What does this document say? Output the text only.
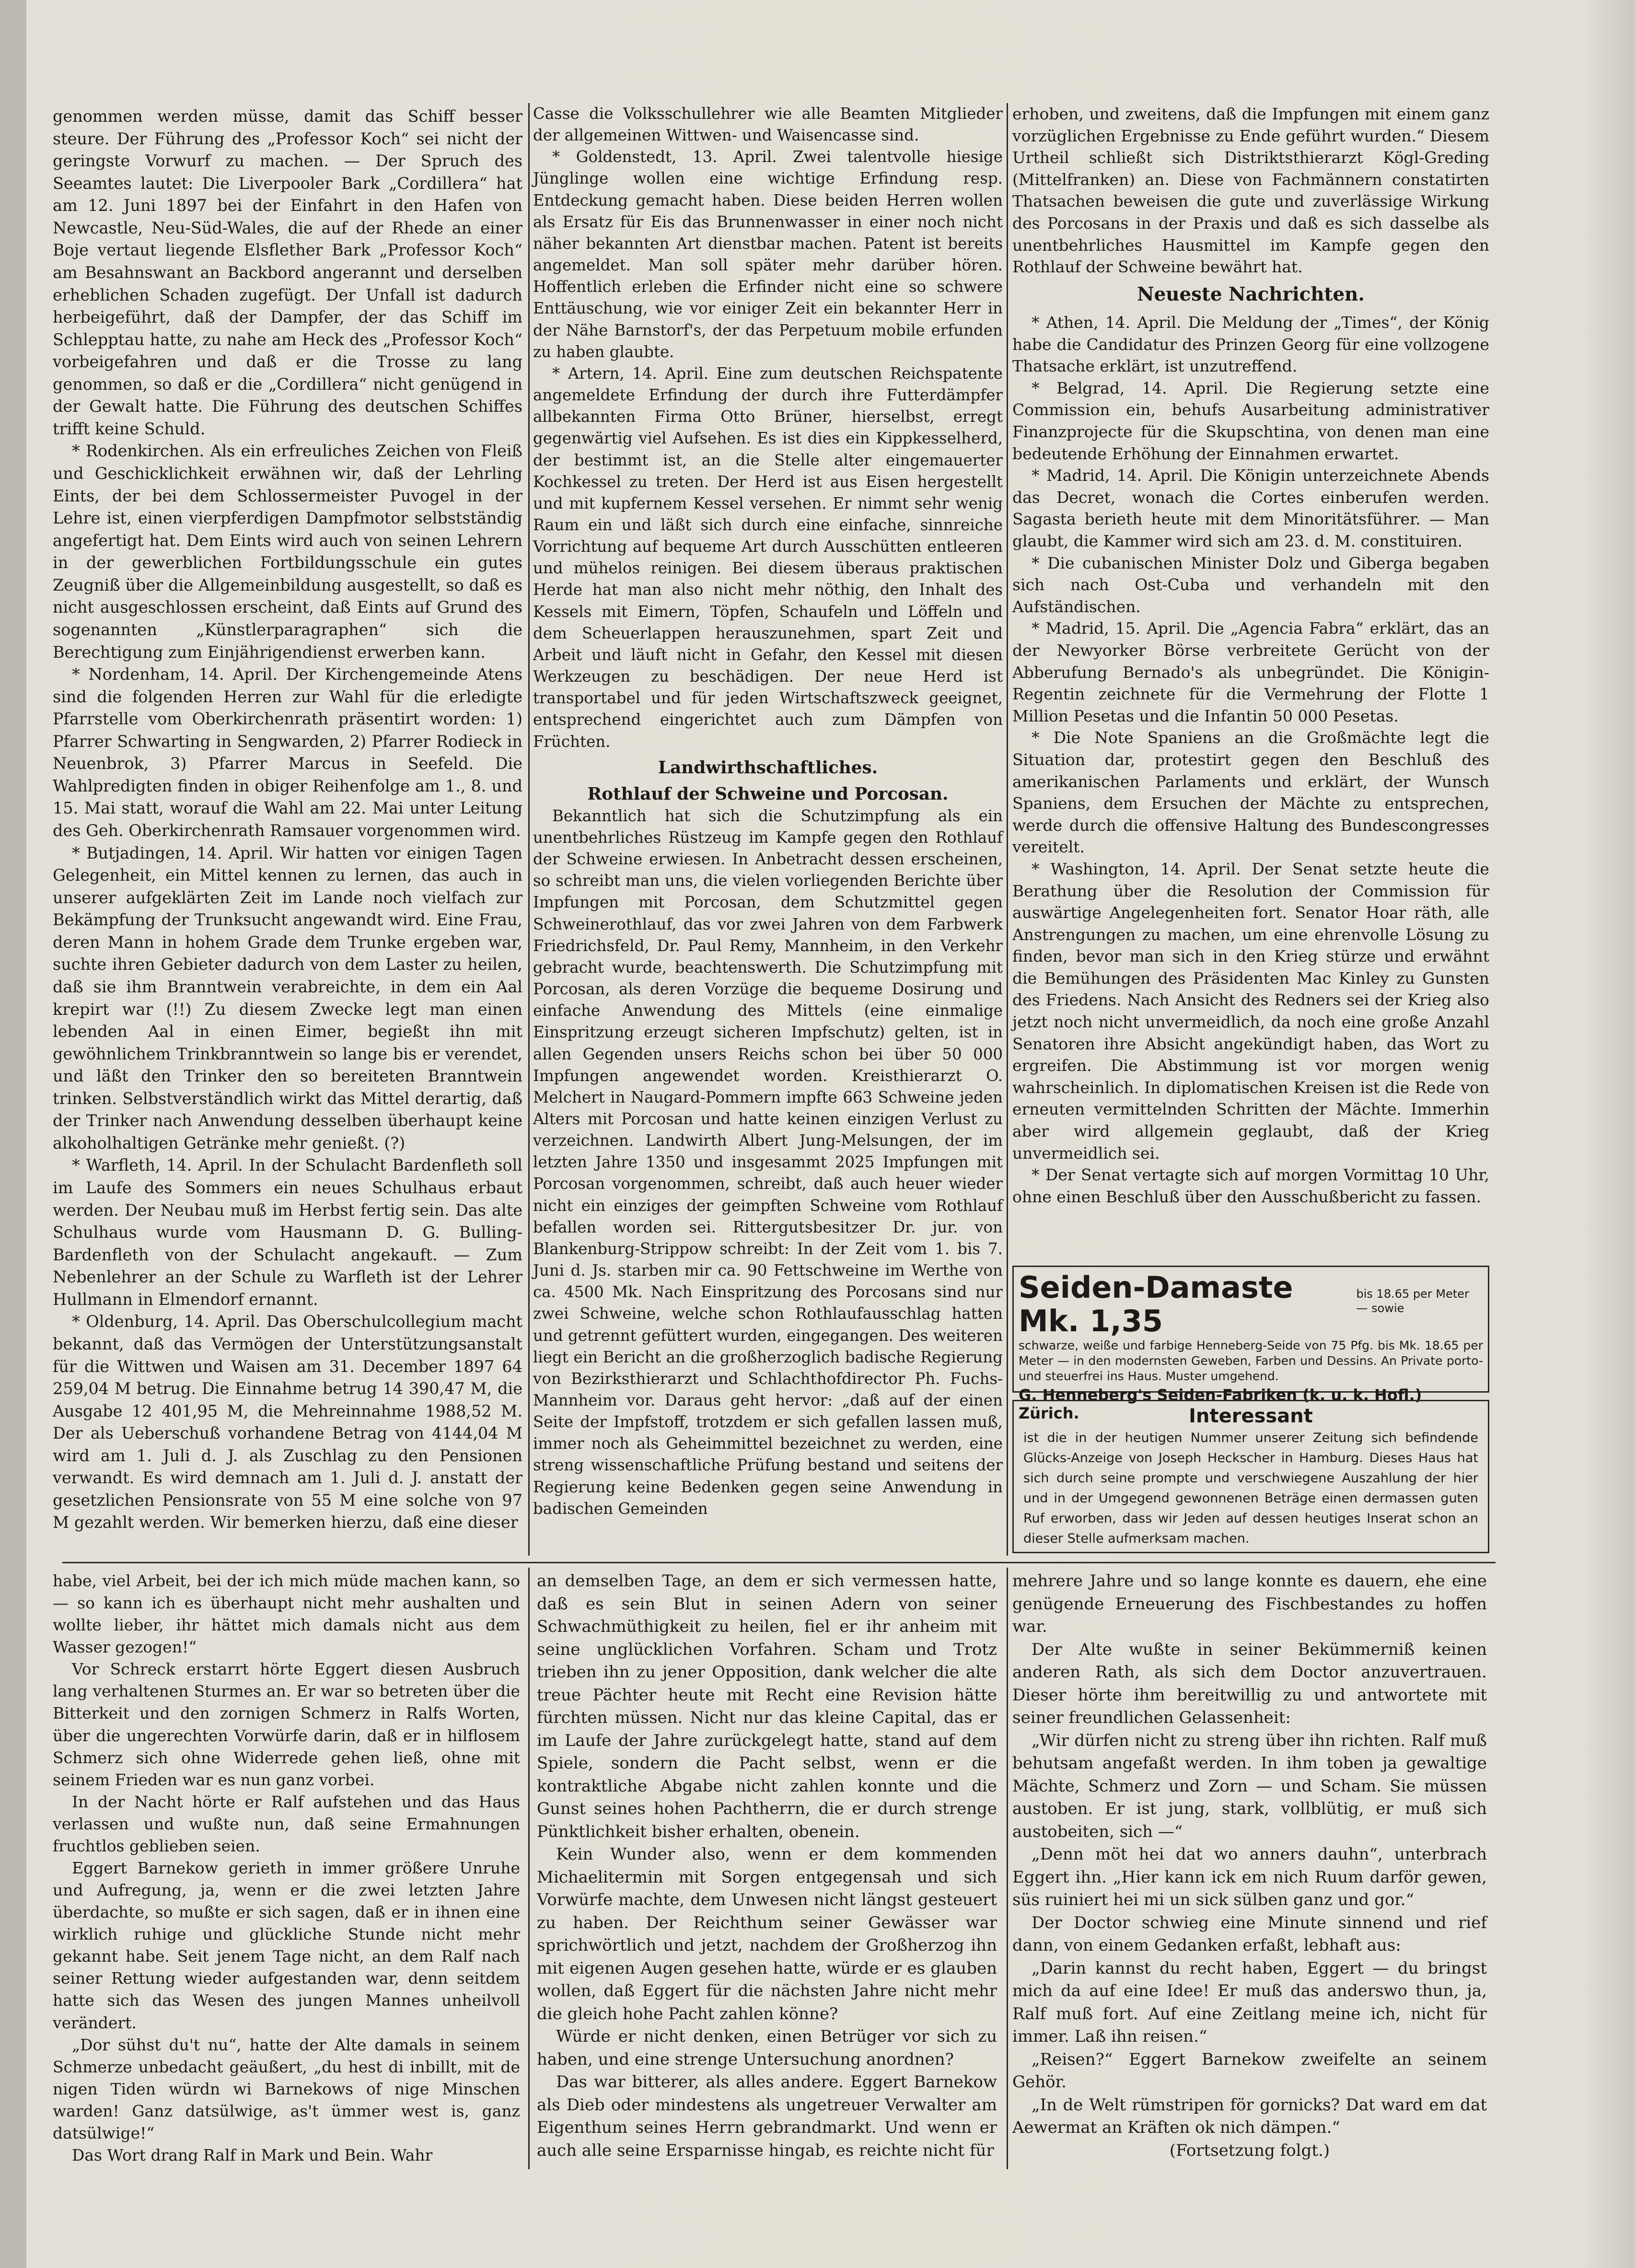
genommen werden müsse, damit das Schiff besser steure. Der Führung des „Professor Koch“ sei nicht der geringste Vorwurf zu machen. — Der Spruch des Seeamtes lautet: Die Liverpooler Bark „Cordillera“ hat am 12. Juni 1897 bei der Einfahrt in den Hafen von Newcastle, Neu-Süd-Wales, die auf der Rhede an einer Boje vertaut liegende Elsflether Bark „Professor Koch“ am Besahnswant an Backbord angerannt und derselben erheblichen Schaden zugefügt. Der Unfall ist dadurch herbeigeführt, daß der Dampfer, der das Schiff im Schlepptau hatte, zu nahe am Heck des „Professor Koch“ vorbeigefahren und daß er die Trosse zu lang genommen, so daß er die „Cordillera“ nicht genügend in der Gewalt hatte. Die Führung des deutschen Schiffes trifft keine Schuld.

* Rodenkirchen. Als ein erfreuliches Zeichen von Fleiß und Geschicklichkeit erwähnen wir, daß der Lehrling Eints, der bei dem Schlossermeister Puvogel in der Lehre ist, einen vierpferdigen Dampfmotor selbstständig angefertigt hat. Dem Eints wird auch von seinen Lehrern in der gewerblichen Fortbildungsschule ein gutes Zeugniß über die Allgemeinbildung ausgestellt, so daß es nicht ausgeschlossen erscheint, daß Eints auf Grund des sogenannten „Künstlerparagraphen“ sich die Berechtigung zum Einjährigendienst erwerben kann.

* Nordenham, 14. April. Der Kirchengemeinde Atens sind die folgenden Herren zur Wahl für die erledigte Pfarrstelle vom Oberkirchenrath präsentirt worden: 1) Pfarrer Schwarting in Sengwarden, 2) Pfarrer Rodieck in Neuenbrok, 3) Pfarrer Marcus in Seefeld. Die Wahlpredigten finden in obiger Reihenfolge am 1., 8. und 15. Mai statt, worauf die Wahl am 22. Mai unter Leitung des Geh. Oberkirchenrath Ramsauer vorgenommen wird.

* Butjadingen, 14. April. Wir hatten vor einigen Tagen Gelegenheit, ein Mittel kennen zu lernen, das auch in unserer aufgeklärten Zeit im Lande noch vielfach zur Bekämpfung der Trunksucht angewandt wird. Eine Frau, deren Mann in hohem Grade dem Trunke ergeben war, suchte ihren Gebieter dadurch von dem Laster zu heilen, daß sie ihm Branntwein verabreichte, in dem ein Aal krepirt war (!!) Zu diesem Zwecke legt man einen lebenden Aal in einen Eimer, begießt ihn mit gewöhnlichem Trinkbranntwein so lange bis er verendet, und läßt den Trinker den so bereiteten Branntwein trinken. Selbstverständlich wirkt das Mittel derartig, daß der Trinker nach Anwendung desselben überhaupt keine alkoholhaltigen Getränke mehr genießt. (?)

* Warfleth, 14. April. In der Schulacht Bardenfleth soll im Laufe des Sommers ein neues Schulhaus erbaut werden. Der Neubau muß im Herbst fertig sein. Das alte Schulhaus wurde vom Hausmann D. G. Bulling-Bardenfleth von der Schulacht angekauft. — Zum Nebenlehrer an der Schule zu Warfleth ist der Lehrer Hullmann in Elmendorf ernannt.

* Oldenburg, 14. April. Das Oberschulcollegium macht bekannt, daß das Vermögen der Unterstützungsanstalt für die Wittwen und Waisen am 31. December 1897 64 259,04 M betrug. Die Einnahme betrug 14 390,47 M, die Ausgabe 12 401,95 M, die Mehreinnahme 1988,52 M. Der als Ueberschuß vorhandene Betrag von 4144,04 M wird am 1. Juli d. J. als Zuschlag zu den Pensionen verwandt. Es wird demnach am 1. Juli d. J. anstatt der gesetzlichen Pensionsrate von 55 M eine solche von 97 M gezahlt werden. Wir bemerken hierzu, daß eine dieser

Casse die Volksschullehrer wie alle Beamten Mitglieder der allgemeinen Wittwen- und Waisencasse sind.

* Goldenstedt, 13. April. Zwei talentvolle hiesige Jünglinge wollen eine wichtige Erfindung resp. Entdeckung gemacht haben. Diese beiden Herren wollen als Ersatz für Eis das Brunnenwasser in einer noch nicht näher bekannten Art dienstbar machen. Patent ist bereits angemeldet. Man soll später mehr darüber hören. Hoffentlich erleben die Erfinder nicht eine so schwere Enttäuschung, wie vor einiger Zeit ein bekannter Herr in der Nähe Barnstorf's, der das Perpetuum mobile erfunden zu haben glaubte.

* Artern, 14. April. Eine zum deutschen Reichspatente angemeldete Erfindung der durch ihre Futterdämpfer allbekannten Firma Otto Brüner, hierselbst, erregt gegenwärtig viel Aufsehen. Es ist dies ein Kippkesselherd, der bestimmt ist, an die Stelle alter eingemauerter Kochkessel zu treten. Der Herd ist aus Eisen hergestellt und mit kupfernem Kessel versehen. Er nimmt sehr wenig Raum ein und läßt sich durch eine einfache, sinnreiche Vorrichtung auf bequeme Art durch Ausschütten entleeren und mühelos reinigen. Bei diesem überaus praktischen Herde hat man also nicht mehr nöthig, den Inhalt des Kessels mit Eimern, Töpfen, Schaufeln und Löffeln und dem Scheuerlappen herauszunehmen, spart Zeit und Arbeit und läuft nicht in Gefahr, den Kessel mit diesen Werkzeugen zu beschädigen. Der neue Herd ist transportabel und für jeden Wirtschaftszweck geeignet, entsprechend eingerichtet auch zum Dämpfen von Früchten.

Landwirthschaftliches.

Rothlauf der Schweine und Porcosan.

Bekanntlich hat sich die Schutzimpfung als ein unentbehrliches Rüstzeug im Kampfe gegen den Rothlauf der Schweine erwiesen. In Anbetracht dessen erscheinen, so schreibt man uns, die vielen vorliegenden Berichte über Impfungen mit Porcosan, dem Schutzmittel gegen Schweinerothlauf, das vor zwei Jahren von dem Farbwerk Friedrichsfeld, Dr. Paul Remy, Mannheim, in den Verkehr gebracht wurde, beachtenswerth. Die Schutzimpfung mit Porcosan, als deren Vorzüge die bequeme Dosirung und einfache Anwendung des Mittels (eine einmalige Einspritzung erzeugt sicheren Impfschutz) gelten, ist in allen Gegenden unsers Reichs schon bei über 50 000 Impfungen angewendet worden. Kreisthierarzt O. Melchert in Naugard-Pommern impfte 663 Schweine jeden Alters mit Porcosan und hatte keinen einzigen Verlust zu verzeichnen. Landwirth Albert Jung-Melsungen, der im letzten Jahre 1350 und insgesammt 2025 Impfungen mit Porcosan vorgenommen, schreibt, daß auch heuer wieder nicht ein einziges der geimpften Schweine vom Rothlauf befallen worden sei. Rittergutsbesitzer Dr. jur. von Blankenburg-Strippow schreibt: In der Zeit vom 1. bis 7. Juni d. Js. starben mir ca. 90 Fettschweine im Werthe von ca. 4500 Mk. Nach Einspritzung des Porcosans sind nur zwei Schweine, welche schon Rothlaufausschlag hatten und getrennt gefüttert wurden, eingegangen. Des weiteren liegt ein Bericht an die großherzoglich badische Regierung von Bezirksthierarzt und Schlachthofdirector Ph. Fuchs-Mannheim vor. Daraus geht hervor: „daß auf der einen Seite der Impfstoff, trotzdem er sich gefallen lassen muß, immer noch als Geheimmittel bezeichnet zu werden, eine streng wissenschaftliche Prüfung bestand und seitens der Regierung keine Bedenken gegen seine Anwendung in badischen Gemeinden

erhoben, und zweitens, daß die Impfungen mit einem ganz vorzüglichen Ergebnisse zu Ende geführt wurden.“ Diesem Urtheil schließt sich Distriktsthierarzt Kögl-Greding (Mittelfranken) an. Diese von Fachmännern constatirten Thatsachen beweisen die gute und zuverlässige Wirkung des Porcosans in der Praxis und daß es sich dasselbe als unentbehrliches Hausmittel im Kampfe gegen den Rothlauf der Schweine bewährt hat.

Neueste Nachrichten.

* Athen, 14. April. Die Meldung der „Times“, der König habe die Candidatur des Prinzen Georg für eine vollzogene Thatsache erklärt, ist unzutreffend.

* Belgrad, 14. April. Die Regierung setzte eine Commission ein, behufs Ausarbeitung administrativer Finanzprojecte für die Skupschtina, von denen man eine bedeutende Erhöhung der Einnahmen erwartet.

* Madrid, 14. April. Die Königin unterzeichnete Abends das Decret, wonach die Cortes einberufen werden. Sagasta berieth heute mit dem Minoritätsführer. — Man glaubt, die Kammer wird sich am 23. d. M. constituiren.

* Die cubanischen Minister Dolz und Giberga begaben sich nach Ost-Cuba und verhandeln mit den Aufständischen.

* Madrid, 15. April. Die „Agencia Fabra“ erklärt, das an der Newyorker Börse verbreitete Gerücht von der Abberufung Bernado's als unbegründet. Die Königin-Regentin zeichnete für die Vermehrung der Flotte 1 Million Pesetas und die Infantin 50 000 Pesetas.

* Die Note Spaniens an die Großmächte legt die Situation dar, protestirt gegen den Beschluß des amerikanischen Parlaments und erklärt, der Wunsch Spaniens, dem Ersuchen der Mächte zu entsprechen, werde durch die offensive Haltung des Bundescongresses vereitelt.

* Washington, 14. April. Der Senat setzte heute die Berathung über die Resolution der Commission für auswärtige Angelegenheiten fort. Senator Hoar räth, alle Anstrengungen zu machen, um eine ehrenvolle Lösung zu finden, bevor man sich in den Krieg stürze und erwähnt die Bemühungen des Präsidenten Mac Kinley zu Gunsten des Friedens. Nach Ansicht des Redners sei der Krieg also jetzt noch nicht unvermeidlich, da noch eine große Anzahl Senatoren ihre Absicht angekündigt haben, das Wort zu ergreifen. Die Abstimmung ist vor morgen wenig wahrscheinlich. In diplomatischen Kreisen ist die Rede von erneuten vermittelnden Schritten der Mächte. Immerhin aber wird allgemein geglaubt, daß der Krieg unvermeidlich sei.

* Der Senat vertagte sich auf morgen Vormittag 10 Uhr, ohne einen Beschluß über den Ausschußbericht zu fassen.

Seiden-Damaste Mk. 1,35
bis 18.65 per Meter — sowie
schwarze, weiße und farbige Henneberg-Seide von 75 Pfg. bis Mk. 18.65 per Meter — in den modernsten Geweben, Farben und Dessins. An Private porto- und steuerfrei ins Haus. Muster umgehend.
G. Henneberg's Seiden-Fabriken (k. u. k. Hofl.) Zürich.	Interessant
ist die in der heutigen Nummer unserer Zeitung sich befindende Glücks-Anzeige von Joseph Heckscher in Hamburg. Dieses Haus hat sich durch seine prompte und verschwiegene Auszahlung der hier und in der Umgegend gewonnenen Beträge einen dermassen guten Ruf erworben, dass wir Jeden auf dessen heutiges Inserat schon an dieser Stelle aufmerksam machen.

habe, viel Arbeit, bei der ich mich müde machen kann, so — so kann ich es überhaupt nicht mehr aushalten und wollte lieber, ihr hättet mich damals nicht aus dem Wasser gezogen!“

Vor Schreck erstarrt hörte Eggert diesen Ausbruch lang verhaltenen Sturmes an. Er war so betreten über die Bitterkeit und den zornigen Schmerz in Ralfs Worten, über die ungerechten Vorwürfe darin, daß er in hilflosem Schmerz sich ohne Widerrede gehen ließ, ohne mit seinem Frieden war es nun ganz vorbei.

In der Nacht hörte er Ralf aufstehen und das Haus verlassen und wußte nun, daß seine Ermahnungen fruchtlos geblieben seien.

Eggert Barnekow gerieth in immer größere Unruhe und Aufregung, ja, wenn er die zwei letzten Jahre überdachte, so mußte er sich sagen, daß er in ihnen eine wirklich ruhige und glückliche Stunde nicht mehr gekannt habe. Seit jenem Tage nicht, an dem Ralf nach seiner Rettung wieder aufgestanden war, denn seitdem hatte sich das Wesen des jungen Mannes unheilvoll verändert.

„Dor sühst du't nu“, hatte der Alte damals in seinem Schmerze unbedacht geäußert, „du hest di inbillt, mit de nigen Tiden würdn wi Barnekows of nige Minschen warden! Ganz datsülwige, as't ümmer west is, ganz datsülwige!“

Das Wort drang Ralf in Mark und Bein. Wahr

an demselben Tage, an dem er sich vermessen hatte, daß es sein Blut in seinen Adern von seiner Schwachmüthigkeit zu heilen, fiel er ihr anheim mit seine unglücklichen Vorfahren. Scham und Trotz trieben ihn zu jener Opposition, dank welcher die alte treue Pächter heute mit Recht eine Revision hätte fürchten müssen. Nicht nur das kleine Capital, das er im Laufe der Jahre zurückgelegt hatte, stand auf dem Spiele, sondern die Pacht selbst, wenn er die kontraktliche Abgabe nicht zahlen konnte und die Gunst seines hohen Pachtherrn, die er durch strenge Pünktlichkeit bisher erhalten, obenein.

Kein Wunder also, wenn er dem kommenden Michaelitermin mit Sorgen entgegensah und sich Vorwürfe machte, dem Unwesen nicht längst gesteuert zu haben. Der Reichthum seiner Gewässer war sprichwörtlich und jetzt, nachdem der Großherzog ihn mit eigenen Augen gesehen hatte, würde er es glauben wollen, daß Eggert für die nächsten Jahre nicht mehr die gleich hohe Pacht zahlen könne?

Würde er nicht denken, einen Betrüger vor sich zu haben, und eine strenge Untersuchung anordnen?

Das war bitterer, als alles andere. Eggert Barnekow als Dieb oder mindestens als ungetreuer Verwalter am Eigenthum seines Herrn gebrandmarkt. Und wenn er auch alle seine Ersparnisse hingab, es reichte nicht für

mehrere Jahre und so lange konnte es dauern, ehe eine genügende Erneuerung des Fischbestandes zu hoffen war.

Der Alte wußte in seiner Bekümmerniß keinen anderen Rath, als sich dem Doctor anzuvertrauen. Dieser hörte ihm bereitwillig zu und antwortete mit seiner freundlichen Gelassenheit:

„Wir dürfen nicht zu streng über ihn richten. Ralf muß behutsam angefaßt werden. In ihm toben ja gewaltige Mächte, Schmerz und Zorn — und Scham. Sie müssen austoben. Er ist jung, stark, vollblütig, er muß sich austobeiten, sich —“

„Denn möt hei dat wo anners dauhn“, unterbrach Eggert ihn. „Hier kann ick em nich Ruum darför gewen, süs ruiniert hei mi un sick sülben ganz und gor.“

Der Doctor schwieg eine Minute sinnend und rief dann, von einem Gedanken erfaßt, lebhaft aus:

„Darin kannst du recht haben, Eggert — du bringst mich da auf eine Idee! Er muß das anderswo thun, ja, Ralf muß fort. Auf eine Zeitlang meine ich, nicht für immer. Laß ihn reisen.“

„Reisen?“ Eggert Barnekow zweifelte an seinem Gehör.

„In de Welt rümstripen för gornicks? Dat ward em dat Aewermat an Kräften ok nich dämpen.“

(Fortsetzung folgt.)
